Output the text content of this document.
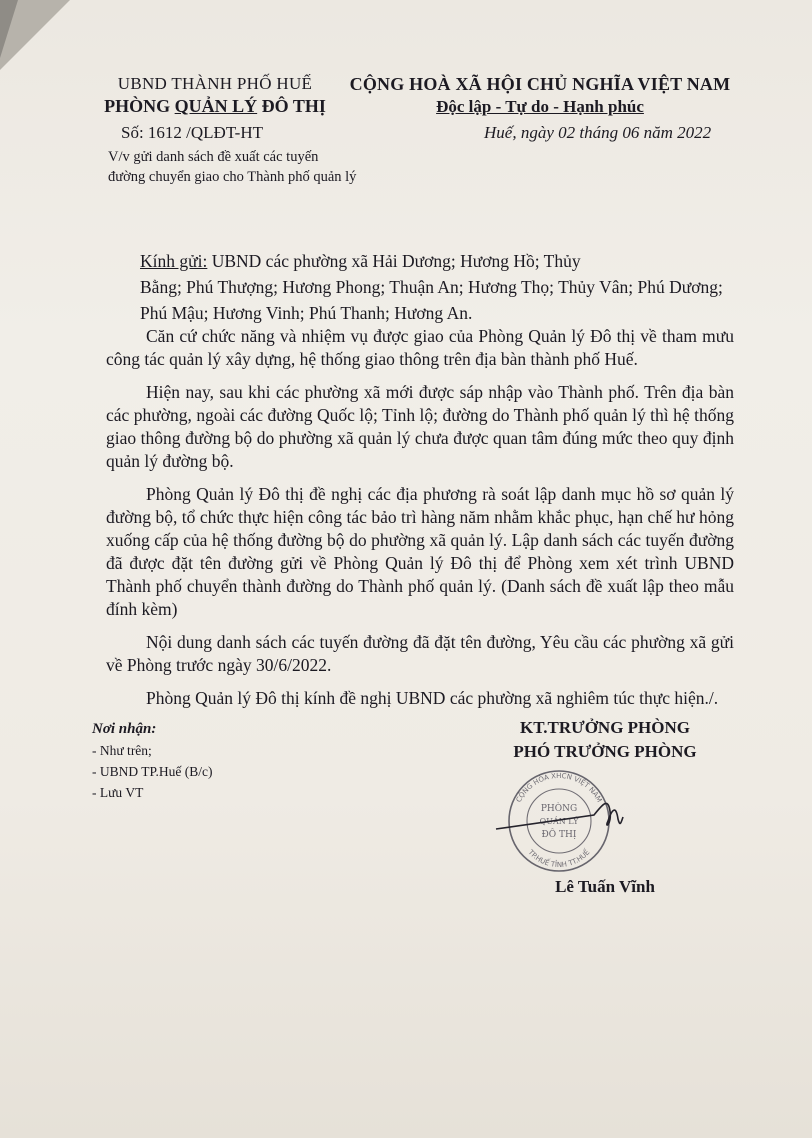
UBND THÀNH PHỐ HUẾ
PHÒNG QUẢN LÝ ĐÔ THỊ
CỘNG HOÀ XÃ HỘI CHỦ NGHĨA VIỆT NAM
Độc lập - Tự do - Hạnh phúc
Số: 1612 /QLĐT-HT	Huế, ngày 02 tháng 06 năm 2022
V/v gửi danh sách đề xuất các tuyến đường chuyển giao cho Thành phố quản lý
Kính gửi: UBND các phường xã Hải Dương; Hương Hồ; Thủy
Bằng; Phú Thượng; Hương Phong; Thuận An; Hương Thọ; Thủy Vân; Phú Dương; Phú Mậu; Hương Vinh; Phú Thanh; Hương An.

Căn cứ chức năng và nhiệm vụ được giao của Phòng Quản lý Đô thị về tham mưu công tác quản lý xây dựng, hệ thống giao thông trên địa bàn thành phố Huế.

Hiện nay, sau khi các phường xã mới được sáp nhập vào Thành phố. Trên địa bàn các phường, ngoài các đường Quốc lộ; Tỉnh lộ; đường do Thành phố quản lý thì hệ thống giao thông đường bộ do phường xã quản lý chưa được quan tâm đúng mức theo quy định quản lý đường bộ.

Phòng Quản lý Đô thị đề nghị các địa phương rà soát lập danh mục hồ sơ quản lý đường bộ, tổ chức thực hiện công tác bảo trì hàng năm nhằm khắc phục, hạn chế hư hỏng xuống cấp của hệ thống đường bộ do phường xã quản lý. Lập danh sách các tuyến đường đã được đặt tên đường gửi về Phòng Quản lý Đô thị để Phòng xem xét trình UBND Thành phố chuyển thành đường do Thành phố quản lý. (Danh sách đề xuất lập theo mẫu đính kèm)

Nội dung danh sách các tuyến đường đã đặt tên đường, Yêu cầu các phường xã gửi về Phòng trước ngày 30/6/2022.

Phòng Quản lý Đô thị kính đề nghị UBND các phường xã nghiêm túc thực hiện./.

Nơi nhận:
- Như trên;
- UBND TP.Huế (B/c)
- Lưu VT
KT.TRƯỞNG PHÒNG
PHÓ TRƯỞNG PHÒNG
CỘNG HÒA XHCN VIỆT NAM
TP.HUẾ TỈNH TT.HUẾ
PHÒNG
QUẢN LÝ
ĐÔ THỊ
Lê Tuấn Vĩnh
